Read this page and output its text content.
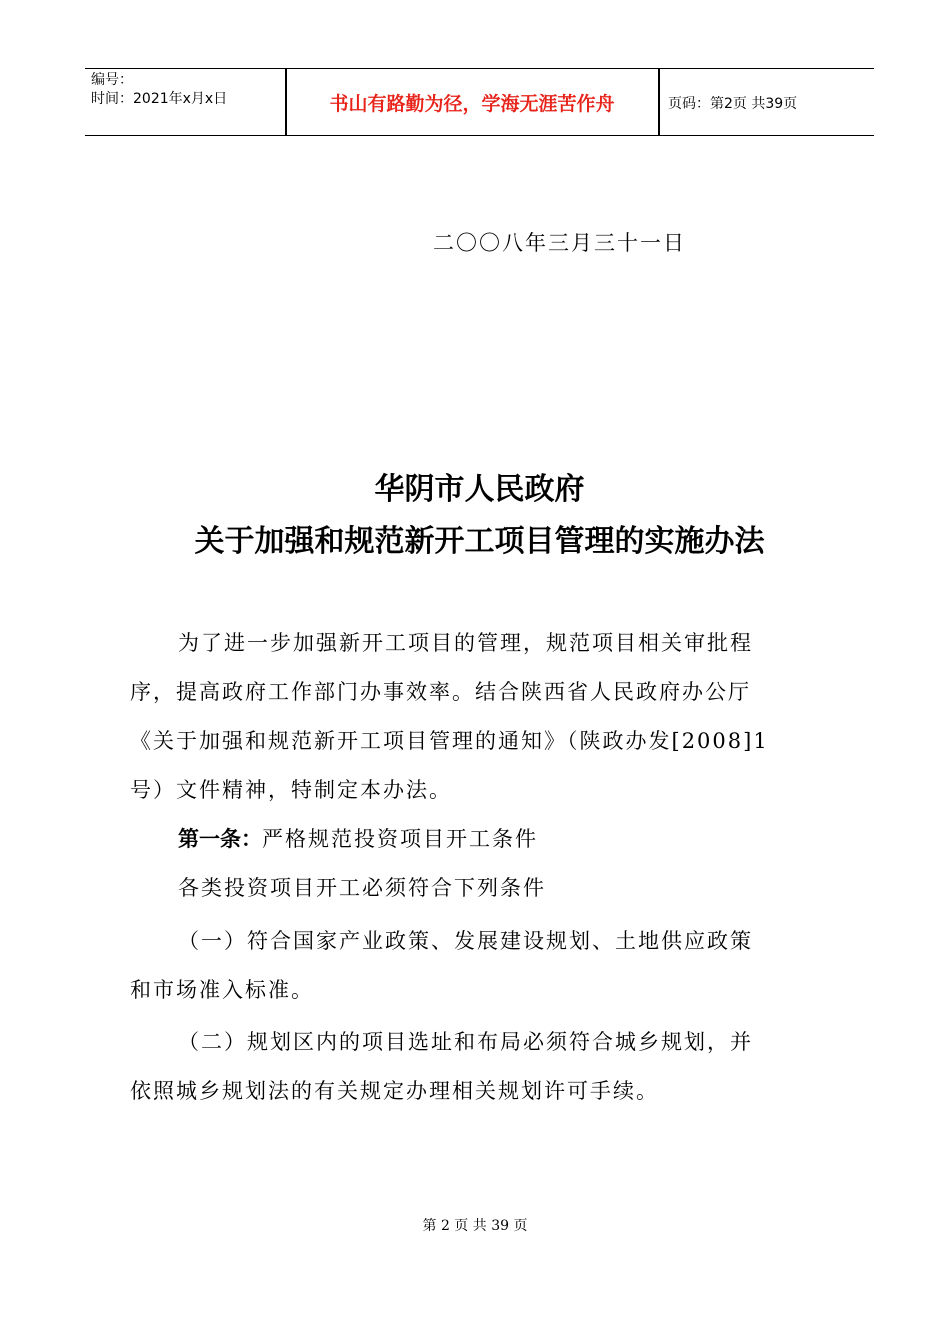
编号：
时间：2021年x月x日	书山有路勤为径，学海无涯苦作舟	页码：第2页 共39页
二〇〇八年三月三十一日
华阴市人民政府
关于加强和规范新开工项目管理的实施办法
为了进一步加强新开工项目的管理，规范项目相关审批程
序，提高政府工作部门办事效率。结合陕西省人民政府办公厅
《关于加强和规范新开工项目管理的通知》（陕政办发[2008]1
号）文件精神，特制定本办法。
第一条：严格规范投资项目开工条件
各类投资项目开工必须符合下列条件
（一）符合国家产业政策、发展建设规划、土地供应政策
和市场准入标准。
（二）规划区内的项目选址和布局必须符合城乡规划，并
依照城乡规划法的有关规定办理相关规划许可手续。
第 2 页 共 39 页
